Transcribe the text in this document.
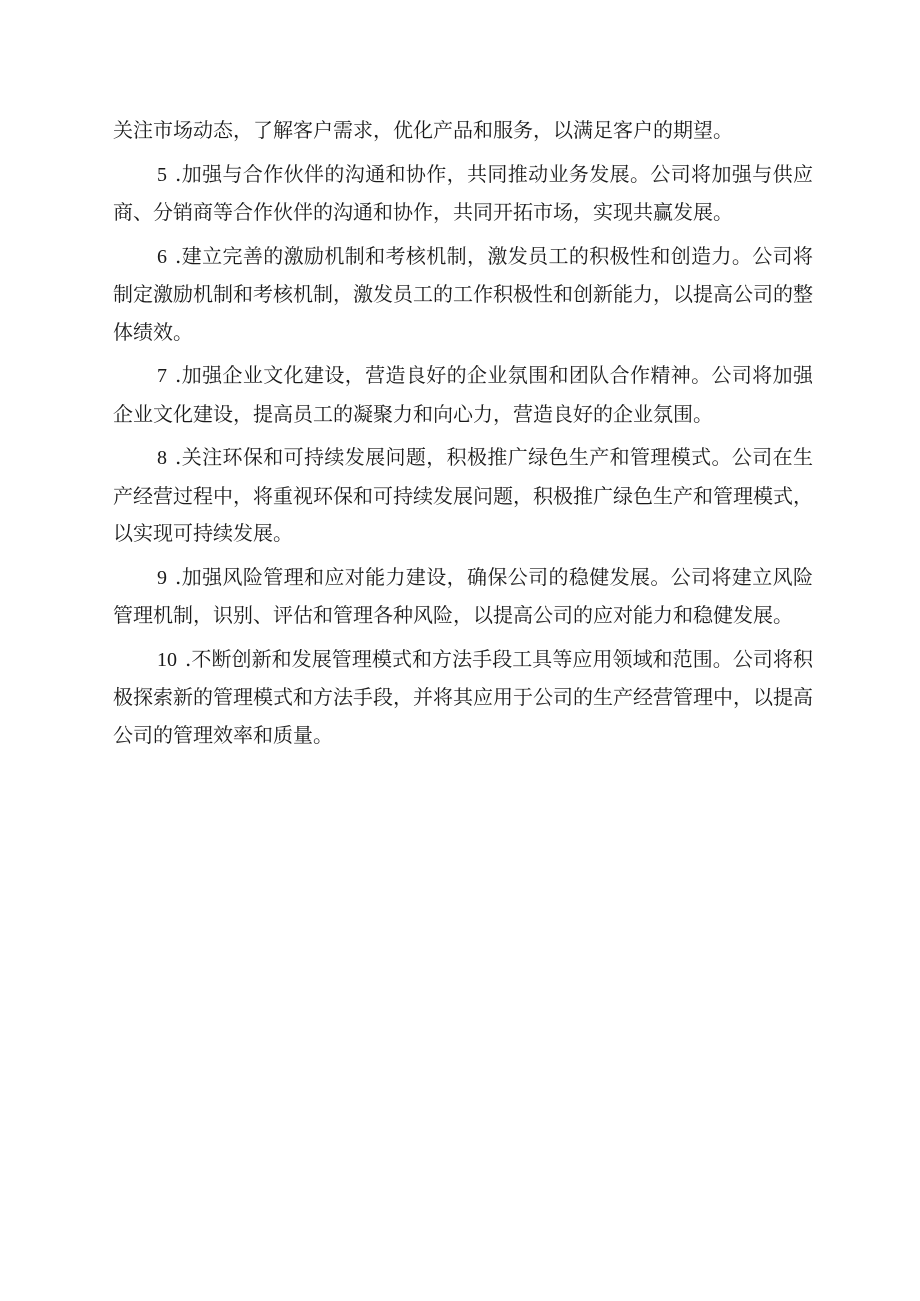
关注市场动态，了解客户需求，优化产品和服务，以满足客户的期望。

5 .加强与合作伙伴的沟通和协作，共同推动业务发展。公司将加强与供应商、分销商等合作伙伴的沟通和协作，共同开拓市场，实现共赢发展。

6 .建立完善的激励机制和考核机制，激发员工的积极性和创造力。公司将制定激励机制和考核机制，激发员工的工作积极性和创新能力，以提高公司的整体绩效。

7 .加强企业文化建设，营造良好的企业氛围和团队合作精神。公司将加强企业文化建设，提高员工的凝聚力和向心力，营造良好的企业氛围。

8 .关注环保和可持续发展问题，积极推广绿色生产和管理模式。公司在生产经营过程中，将重视环保和可持续发展问题，积极推广绿色生产和管理模式，以实现可持续发展。

9 .加强风险管理和应对能力建设，确保公司的稳健发展。公司将建立风险管理机制，识别、评估和管理各种风险，以提高公司的应对能力和稳健发展。

10 .不断创新和发展管理模式和方法手段工具等应用领域和范围。公司将积极探索新的管理模式和方法手段，并将其应用于公司的生产经营管理中，以提高公司的管理效率和质量。
